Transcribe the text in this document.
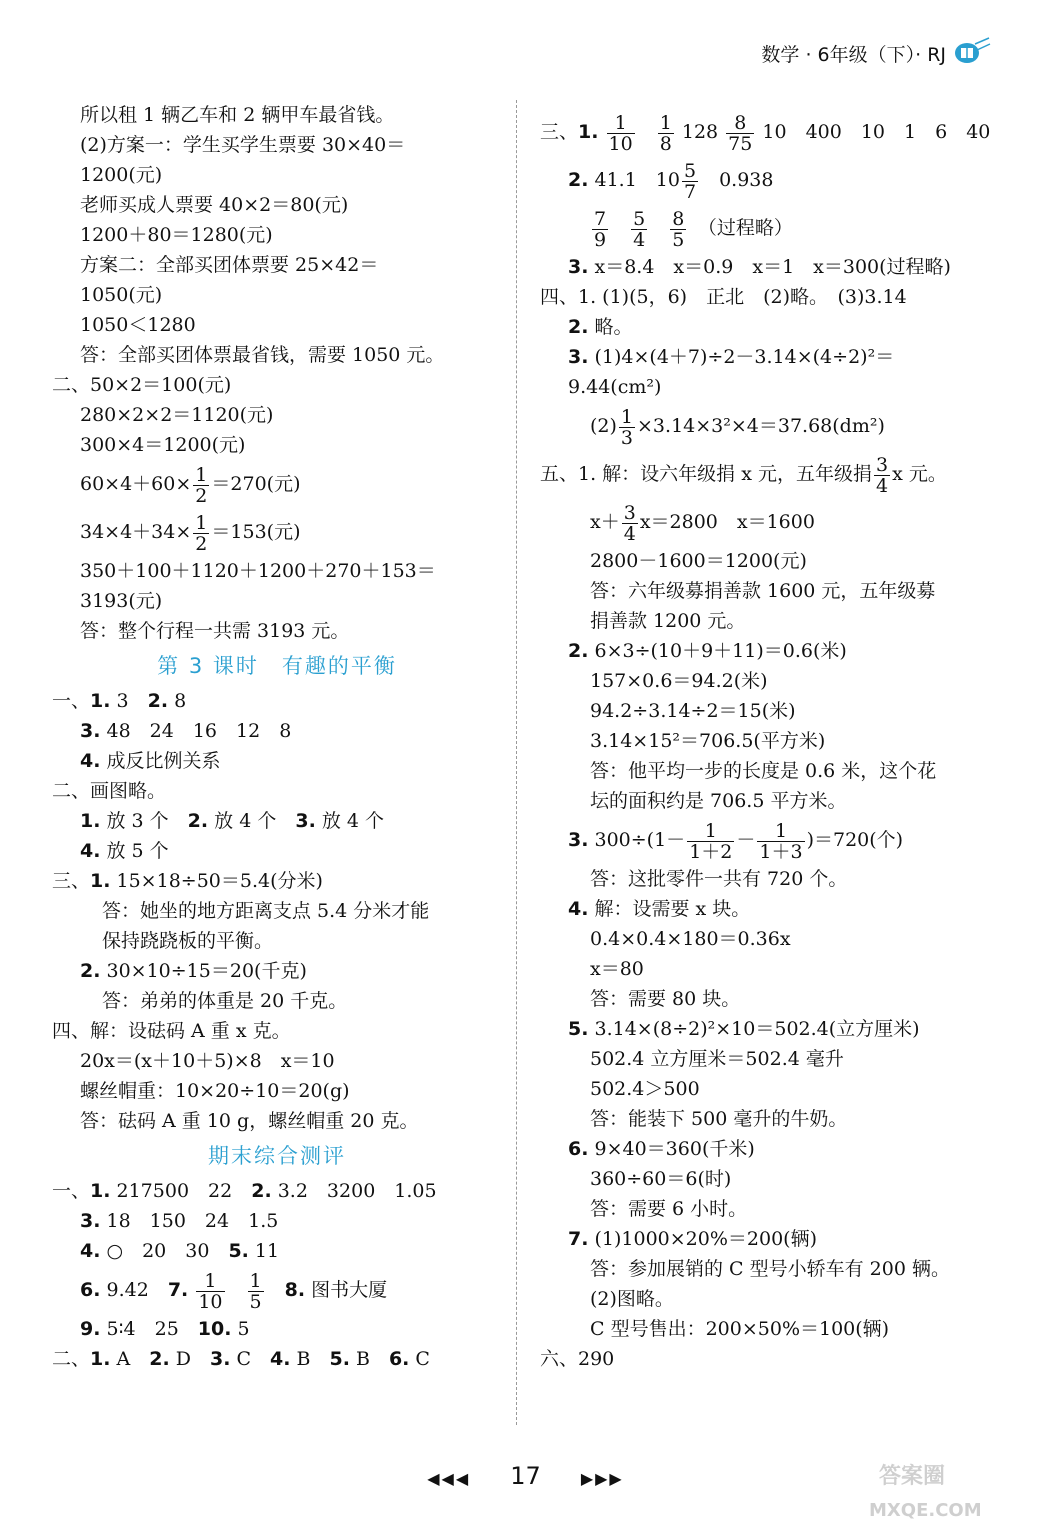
数学 · 6年级（下）· RJ
所以租 1 辆乙车和 2 辆甲车最省钱。
(2)方案一：学生买学生票要 30×40＝
1200(元)
老师买成人票要 40×2＝80(元)
1200＋80＝1280(元)
方案二：全部买团体票要 25×42＝
1050(元)
1050＜1280
答：全部买团体票最省钱，需要 1050 元。
二、50×2＝100(元)
280×2×2＝1120(元)
300×4＝1200(元)
$60\times 4+60\times \frac{1}{2} =270$(元)
$34\times 4+34\times \frac{1}{2} =153$(元)
350＋100＋1120＋1200＋270＋153＝
3193(元)
答：整个行程一共需 3193 元。
第 3 课时　有趣的平衡
一、1. 3　2. 8
3. 48　24　16　12　8
4. 成反比例关系
二、画图略。
1. 放 3 个　2. 放 4 个　3. 放 4 个
4. 放 5 个
三、1. 15×18÷50＝5.4(分米)
答：她坐的地方距离支点 5.4 分米才能
保持跷跷板的平衡。
2. 30×10÷15＝20(千克)
答：弟弟的体重是 20 千克。
四、解：设砝码 A 重 x 克。
20x＝(x＋10＋5)×8　x＝10
螺丝帽重：10×20÷10＝20(g)
答：砝码 A 重 10 g，螺丝帽重 20 克。
期末综合测评
一、1. 217500　22　2. 3.2　3200　1.05
3. 18　150　24　1.5
4. ○　20　30　5. 11
6. 9.42　7. $\frac{1}{10}$
　 $\frac{1}{5}$
　 8. 图书大厦
9. 5∶4　25　10. 5
二、1. A　2. D　3. C　4. B　5. B　6. C
三、1. $\frac{1}{10}$
　 $\frac{1}{8} 128 \frac{8}{75} 10$　400　10　1　6　40
2. 41.1　$10 \frac{5}{7}$ 　0.938
$\frac{7}{9}$
　 $\frac{5}{4}$
　 $\frac{8}{5}$
　 （过程略）
3. x＝8.4　x＝0.9　x＝1　x＝300(过程略)
四、1. (1)(5，6)　正北　(2)略。　(3)3.14
2. 略。
3. (1)4×(4＋7)÷2－3.14×(4÷2)²＝
9.44(cm²)
$(2) \frac{1}{3} \times 3.14\times 3^2\times 4=37.68(dm^2)$
五、1. 解：设六年级捐 x 元，五年级捐 $\frac{3}{4}$ x 元。
$x+ \frac{3}{4} x=2800$　x＝1600
2800－1600＝1200(元)
答：六年级募捐善款 1600 元，五年级募
捐善款 1200 元。
2. 6×3÷(10＋9＋11)＝0.6(米)
157×0.6＝94.2(米)
94.2÷3.14÷2＝15(米)
3.14×15²＝706.5(平方米)
答：他平均一步的长度是 0.6 米，这个花
坛的面积约是 706.5 平方米。
3. $300\div(1- \frac{1}{1+2} - \frac{1}{1+3} )=720$(个)
答：这批零件一共有 720 个。
4. 解：设需要 x 块。
0.4×0.4×180＝0.36x
x＝80
答：需要 80 块。
5. 3.14×(8÷2)²×10＝502.4(立方厘米)
502.4 立方厘米＝502.4 毫升
502.4＞500
答：能装下 500 毫升的牛奶。
6. 9×40＝360(千米)
360÷60＝6(时)
答：需要 6 小时。
7. (1)1000×20%＝200(辆)
答：参加展销的 C 型号小轿车有 200 辆。
(2)图略。
C 型号售出：200×50%＝100(辆)
六、290
◀◀◀ 17	▶▶▶	答案圈
MXQE.COM
